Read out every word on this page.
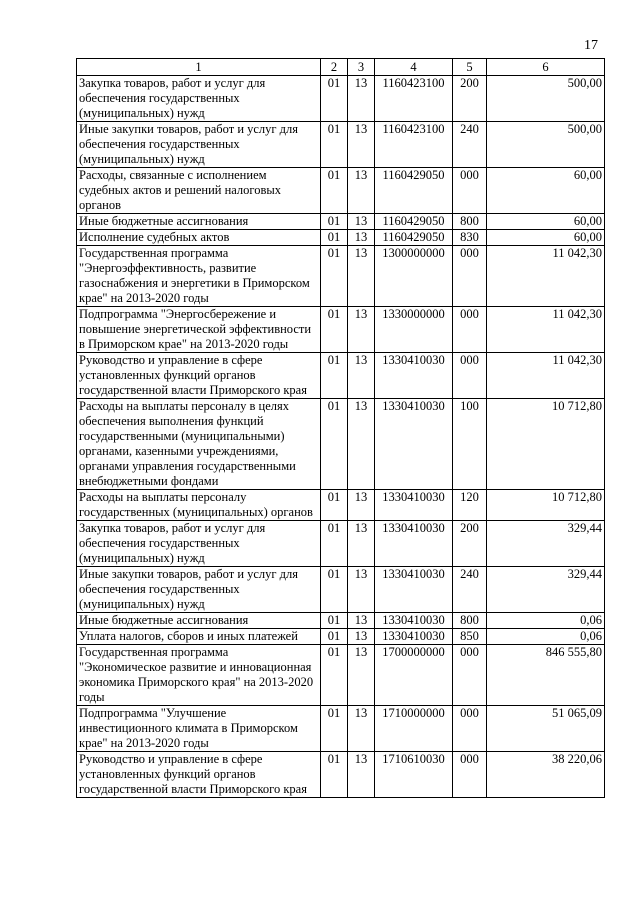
17
1	2	3	4	5	6
Закупка товаров, работ и услуг для обеспечения государственных (муниципальных) нужд	01	13	1160423100	200	500,00
Иные закупки товаров, работ и услуг для обеспечения государственных (муниципальных) нужд	01	13	1160423100	240	500,00
Расходы, связанные с исполнением судебных актов и решений налоговых органов	01	13	1160429050	000	60,00
Иные бюджетные ассигнования	01	13	1160429050	800	60,00
Исполнение судебных актов	01	13	1160429050	830	60,00
Государственная программа "Энергоэффективность, развитие газоснабжения и энергетики в Приморском крае" на 2013-2020 годы	01	13	1300000000	000	11 042,30
Подпрограмма "Энергосбережение и повышение энергетической эффективности в Приморском крае" на 2013-2020 годы	01	13	1330000000	000	11 042,30
Руководство и управление в сфере установленных функций органов государственной власти Приморского края	01	13	1330410030	000	11 042,30
Расходы на выплаты персоналу в целях обеспечения выполнения функций государственными (муниципальными) органами, казенными учреждениями, органами управления государственными внебюджетными фондами	01	13	1330410030	100	10 712,80
Расходы на выплаты персоналу государственных (муниципальных) органов	01	13	1330410030	120	10 712,80
Закупка товаров, работ и услуг для обеспечения государственных (муниципальных) нужд	01	13	1330410030	200	329,44
Иные закупки товаров, работ и услуг для обеспечения государственных (муниципальных) нужд	01	13	1330410030	240	329,44
Иные бюджетные ассигнования	01	13	1330410030	800	0,06
Уплата налогов, сборов и иных платежей	01	13	1330410030	850	0,06
Государственная программа "Экономическое развитие и инновационная экономика Приморского края" на 2013-2020 годы	01	13	1700000000	000	846 555,80
Подпрограмма "Улучшение инвестиционного климата в Приморском крае" на 2013-2020 годы	01	13	1710000000	000	51 065,09
Руководство и управление в сфере установленных функций органов государственной власти Приморского края	01	13	1710610030	000	38 220,06
